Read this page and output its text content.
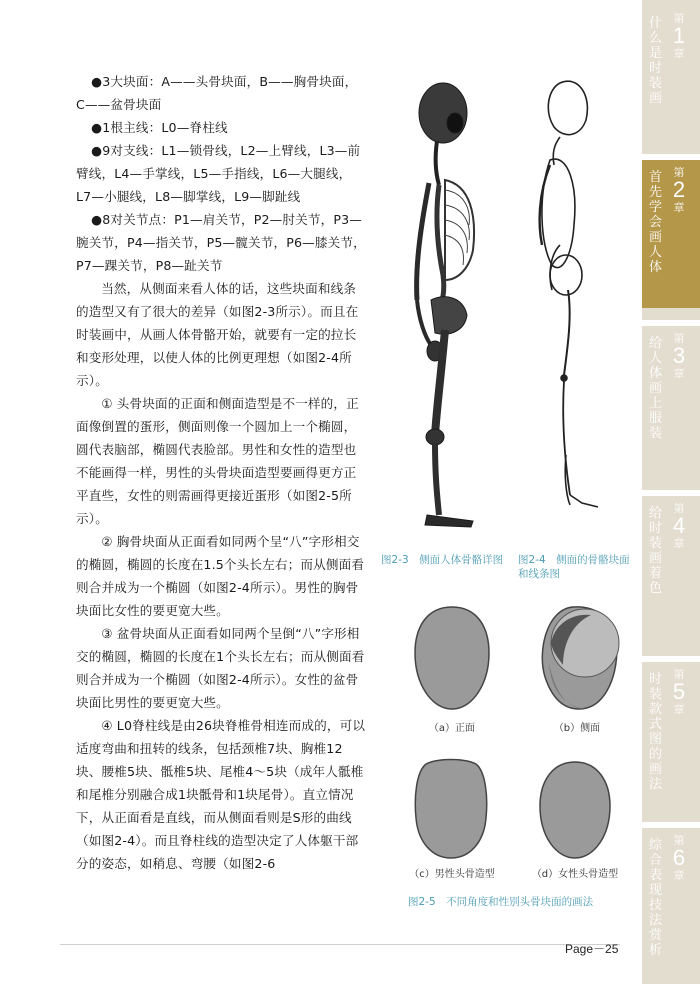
●3大块面：A——头骨块面，B——胸骨块面，C——盆骨块面

●1根主线：L0—脊柱线

●9对支线：L1—锁骨线，L2—上臂线，L3—前臂线，L4—手掌线，L5—手指线，L6—大腿线，L7—小腿线，L8—脚掌线，L9—脚趾线

●8对关节点：P1—肩关节，P2—肘关节，P3—腕关节，P4—指关节，P5—髋关节，P6—膝关节，P7—踝关节，P8—趾关节

当然，从侧面来看人体的话，这些块面和线条的造型又有了很大的差异（如图2-3所示）。而且在时装画中，从画人体骨骼开始，就要有一定的拉长和变形处理，以使人体的比例更理想（如图2-4所示）。

① 头骨块面的正面和侧面造型是不一样的，正面像倒置的蛋形，侧面则像一个圆加上一个椭圆，圆代表脑部，椭圆代表脸部。男性和女性的造型也不能画得一样，男性的头骨块面造型要画得更方正平直些，女性的则需画得更接近蛋形（如图2-5所示）。

② 胸骨块面从正面看如同两个呈“八”字形相交的椭圆，椭圆的长度在1.5个头长左右；而从侧面看则合并成为一个椭圆（如图2-4所示）。男性的胸骨块面比女性的要更宽大些。

③ 盆骨块面从正面看如同两个呈倒“八”字形相交的椭圆，椭圆的长度在1个头长左右；而从侧面看则合并成为一个椭圆（如图2-4所示）。女性的盆骨块面比男性的要更宽大些。

④ L0脊柱线是由26块脊椎骨相连而成的，可以适度弯曲和扭转的线条，包括颈椎7块、胸椎12块、腰椎5块、骶椎5块、尾椎4～5块（成年人骶椎和尾椎分别融合成1块骶骨和1块尾骨）。直立情况下，从正面看是直线，而从侧面看则是S形的曲线（如图2-4）。而且脊柱线的造型决定了人体躯干部分的姿态，如稍息、弯腰（如图2-6

图2-3　侧面人体骨骼详图	图2-4　侧面的骨骼块面和线条图
（a）正面	（b）侧面
（c）男性头骨造型	（d）女性头骨造型
图2-5　不同角度和性别头骨块面的画法
Page－25
什么是时装画
第
1
章
首先学会画人体
第
2
章
给人体画上服装
第
3
章
给时装画着色
第
4
章
时装款式图的画法
第
5
章
综合表现技法赏析
第
6
章
